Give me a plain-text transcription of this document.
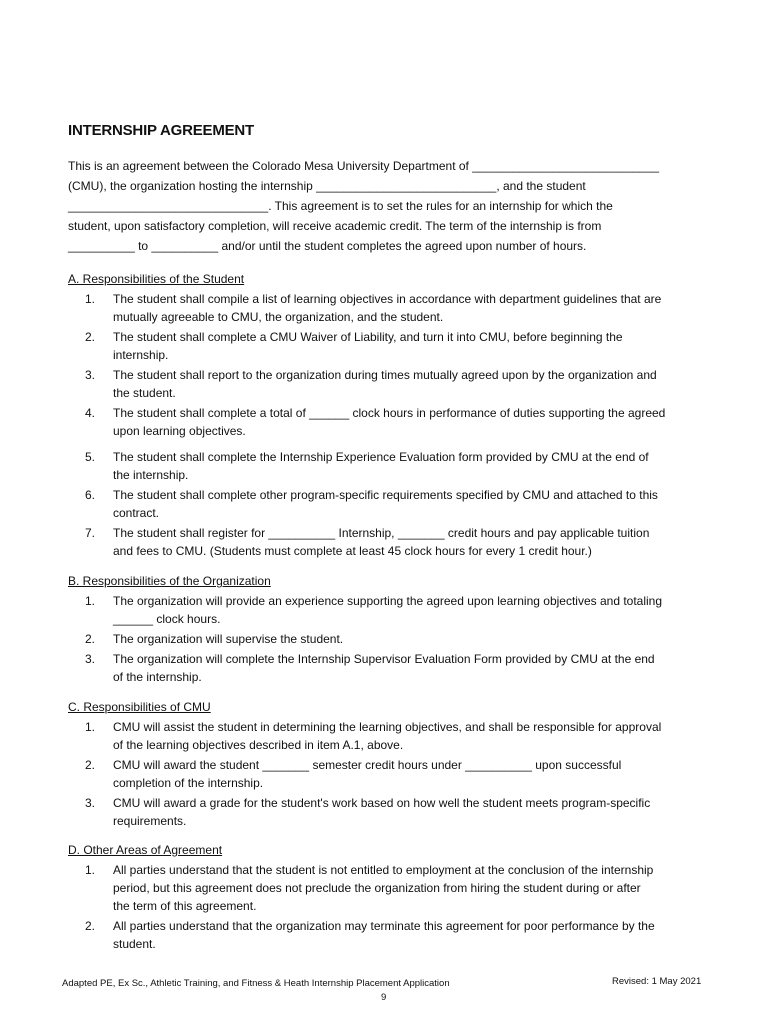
INTERNSHIP AGREEMENT
This is an agreement between the Colorado Mesa University Department of ____________________________
(CMU), the organization hosting the internship ___________________________, and the student
______________________________. This agreement is to set the rules for an internship for which the
student, upon satisfactory completion, will receive academic credit. The term of the internship is from
__________ to __________ and/or until the student completes the agreed upon number of hours.
A. Responsibilities of the Student
1. The student shall compile a list of learning objectives in accordance with department guidelines that are
mutually agreeable to CMU, the organization, and the student.
2. The student shall complete a CMU Waiver of Liability, and turn it into CMU, before beginning the
internship.
3. The student shall report to the organization during times mutually agreed upon by the organization and
the student.
4. The student shall complete a total of ______ clock hours in performance of duties supporting the agreed
upon learning objectives.
5. The student shall complete the Internship Experience Evaluation form provided by CMU at the end of
the internship.
6. The student shall complete other program-specific requirements specified by CMU and attached to this
contract.
7. The student shall register for __________ Internship, _______ credit hours and pay applicable tuition
and fees to CMU. (Students must complete at least 45 clock hours for every 1 credit hour.)
B. Responsibilities of the Organization
1. The organization will provide an experience supporting the agreed upon learning objectives and totaling
______ clock hours.
2. The organization will supervise the student.
3. The organization will complete the Internship Supervisor Evaluation Form provided by CMU at the end
of the internship.
C. Responsibilities of CMU
1. CMU will assist the student in determining the learning objectives, and shall be responsible for approval
of the learning objectives described in item A.1, above.
2. CMU will award the student _______ semester credit hours under __________ upon successful
completion of the internship.
3. CMU will award a grade for the student's work based on how well the student meets program-specific
requirements.
D. Other Areas of Agreement
1. All parties understand that the student is not entitled to employment at the conclusion of the internship
period, but this agreement does not preclude the organization from hiring the student during or after
the term of this agreement.
2. All parties understand that the organization may terminate this agreement for poor performance by the
student.
Adapted PE, Ex Sc., Athletic Training, and Fitness & Heath Internship Placement Application	Revised: 1 May 2021
9
